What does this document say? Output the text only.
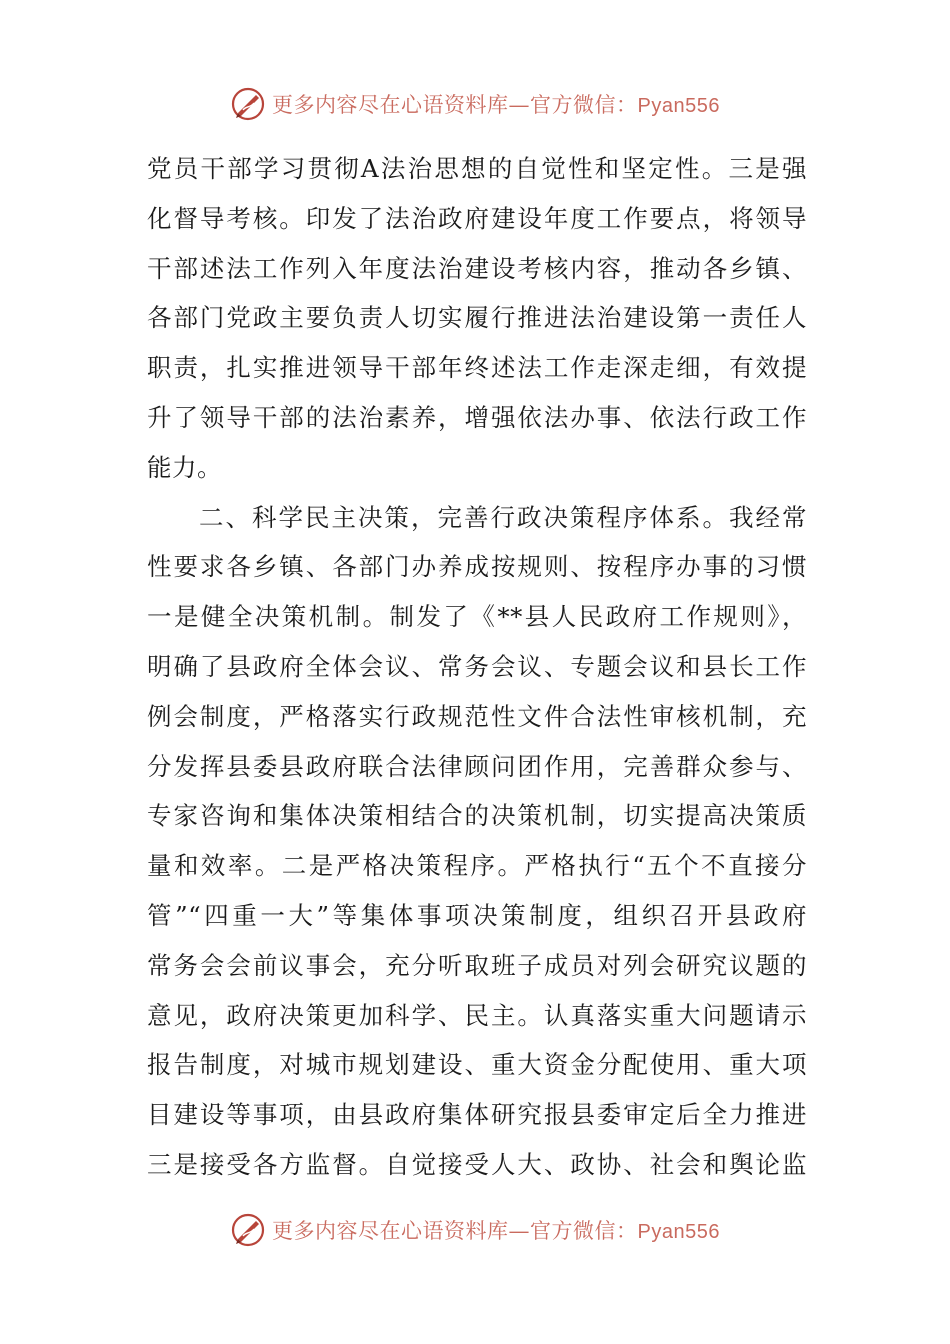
更多内容尽在心语资料库—官方微信：Pyan556
党员干部学习贯彻A法治思想的自觉性和坚定性。三是强
化督导考核。印发了法治政府建设年度工作要点，将领导
干部述法工作列入年度法治建设考核内容，推动各乡镇、
各部门党政主要负责人切实履行推进法治建设第一责任人
职责，扎实推进领导干部年终述法工作走深走细，有效提
升了领导干部的法治素养，增强依法办事、依法行政工作
能力。
二、科学民主决策，完善行政决策程序体系。我经常
性要求各乡镇、各部门办养成按规则、按程序办事的习惯
一是健全决策机制。制发了《**县人民政府工作规则》，
明确了县政府全体会议、常务会议、专题会议和县长工作
例会制度，严格落实行政规范性文件合法性审核机制，充
分发挥县委县政府联合法律顾问团作用，完善群众参与、
专家咨询和集体决策相结合的决策机制，切实提高决策质
量和效率。二是严格决策程序。严格执行“五个不直接分
管”“四重一大”等集体事项决策制度，组织召开县政府
常务会会前议事会，充分听取班子成员对列会研究议题的
意见，政府决策更加科学、民主。认真落实重大问题请示
报告制度，对城市规划建设、重大资金分配使用、重大项
目建设等事项，由县政府集体研究报县委审定后全力推进
三是接受各方监督。自觉接受人大、政协、社会和舆论监
更多内容尽在心语资料库—官方微信：Pyan556
